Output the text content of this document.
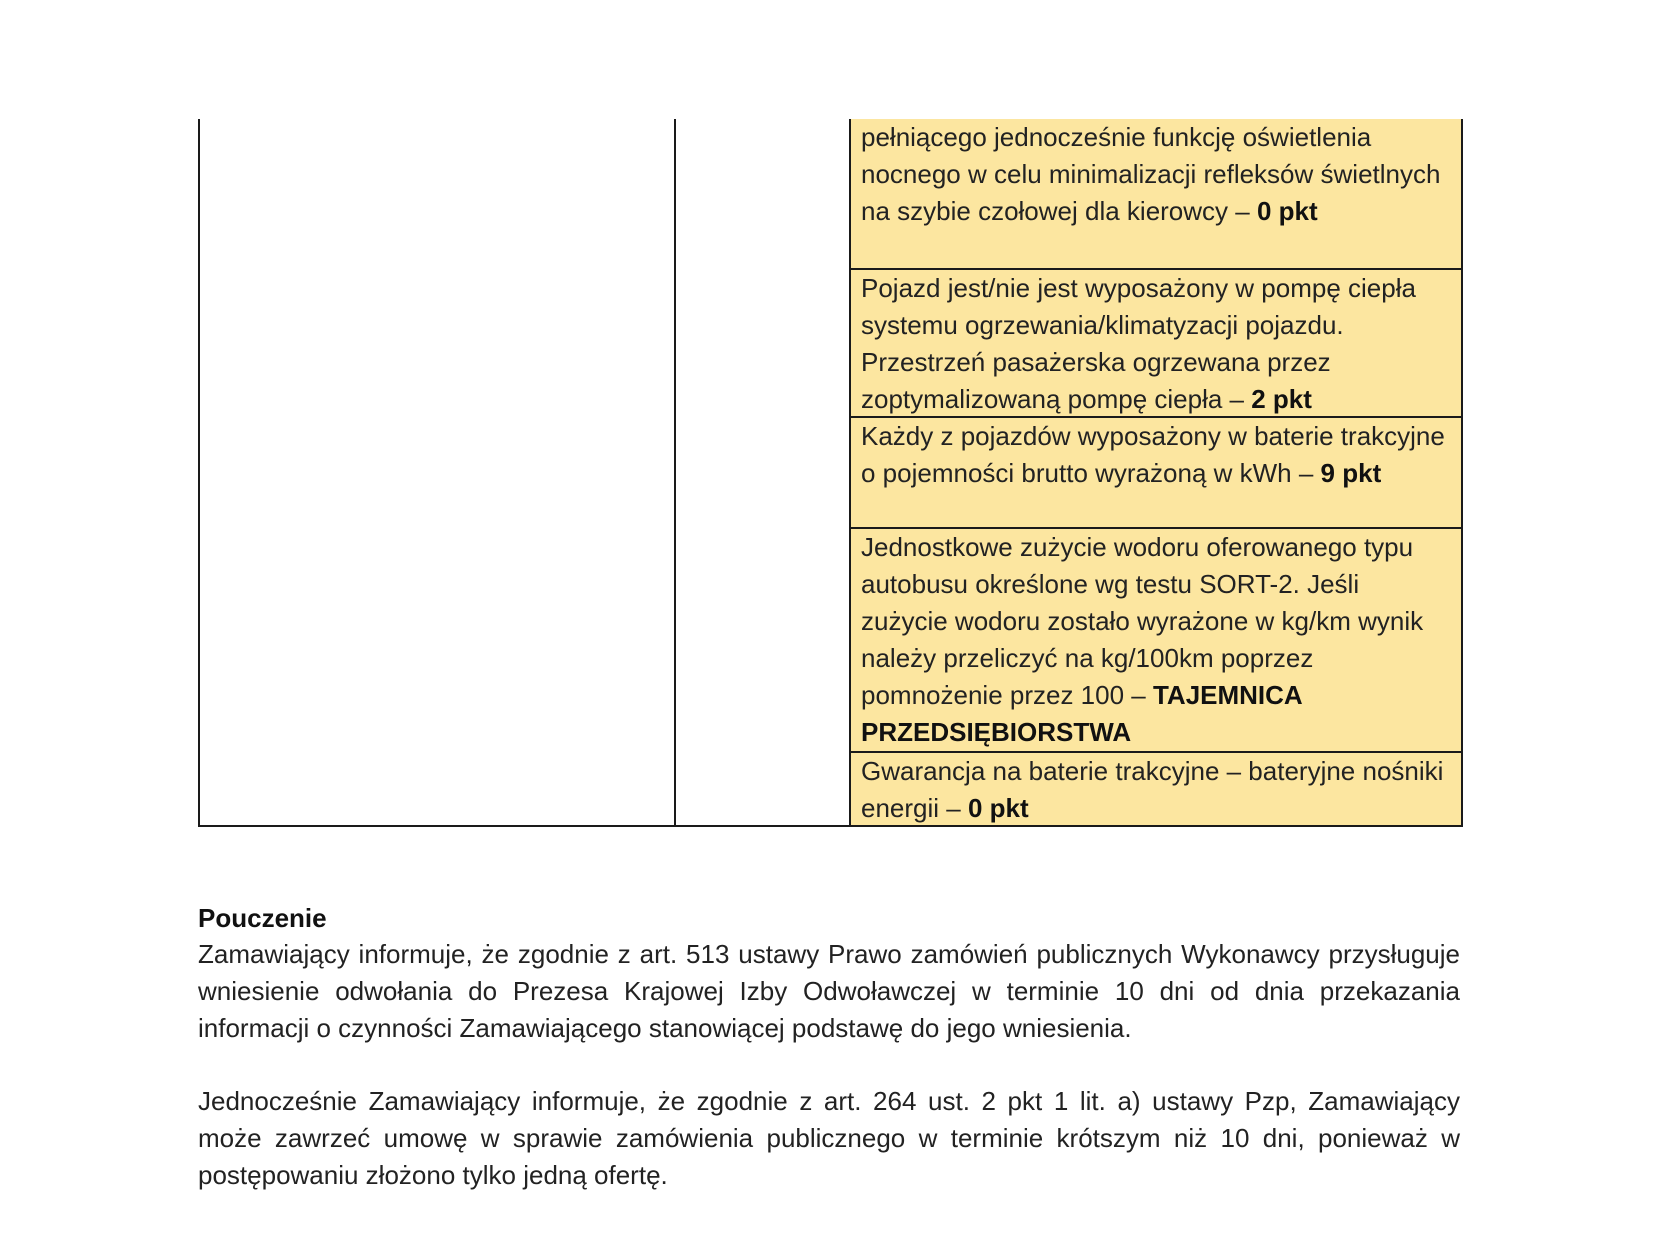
pełniącego jednocześnie funkcję oświetlenia nocnego w celu minimalizacji refleksów świetlnych na szybie czołowej dla kierowcy – 0 pkt
Pojazd jest/nie jest wyposażony w pompę ciepła systemu ogrzewania/klimatyzacji pojazdu. Przestrzeń pasażerska ogrzewana przez zoptymalizowaną pompę ciepła – 2 pkt
Każdy z pojazdów wyposażony w baterie trakcyjne o pojemności brutto wyrażoną w kWh – 9 pkt
Jednostkowe zużycie wodoru oferowanego typu autobusu określone wg testu SORT-2. Jeśli zużycie wodoru zostało wyrażone w kg/km wynik należy przeliczyć na kg/100km poprzez pomnożenie przez 100 – TAJEMNICA PRZEDSIĘBIORSTWA
Gwarancja na baterie trakcyjne – bateryjne nośniki energii – 0 pkt
Pouczenie
Zamawiający informuje, że zgodnie z art. 513 ustawy Prawo zamówień publicznych Wykonawcy przysługuje wniesienie odwołania do Prezesa Krajowej Izby Odwoławczej w terminie 10 dni od dnia przekazania informacji o czynności Zamawiającego stanowiącej podstawę do jego wniesienia.
Jednocześnie Zamawiający informuje, że zgodnie z art. 264 ust. 2 pkt 1 lit. a) ustawy Pzp, Zamawiający może zawrzeć umowę w sprawie zamówienia publicznego w terminie krótszym niż 10 dni, ponieważ w postępowaniu złożono tylko jedną ofertę.
